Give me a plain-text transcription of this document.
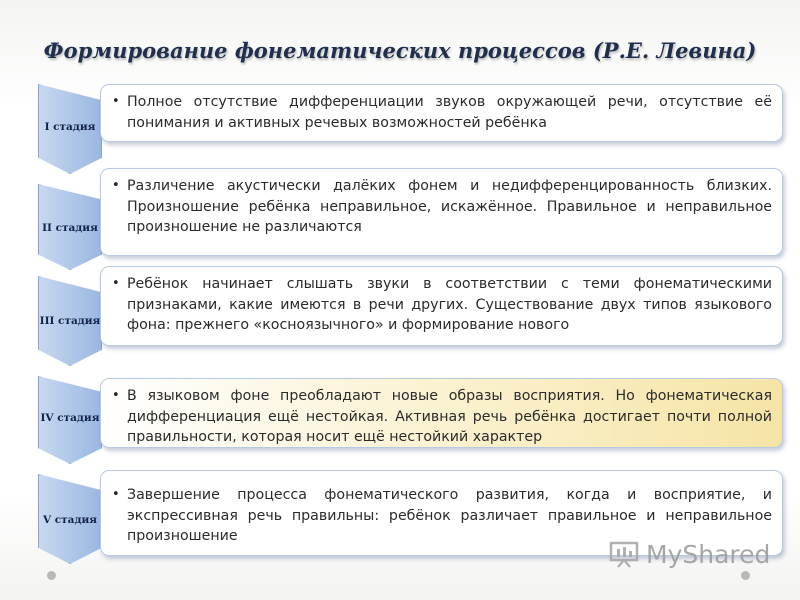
Формирование фонематических процессов (Р.Е. Левина)
I стадия
• Полное отсутствие дифференциации звуков окружающей речи, отсутствие её понимания и активных речевых возможностей ребёнка
II стадия
• Различение акустически далёких фонем и недифференцированность близких. Произношение ребёнка неправильное, искажённое. Правильное и неправильное произношение не различаются
III стадия
• Ребёнок начинает слышать звуки в соответствии с теми фонематическими признаками, какие имеются в речи других. Существование двух типов языкового фона: прежнего «косноязычного» и формирование нового
IV стадия
• В языковом фоне преобладают новые образы восприятия. Но фонематическая дифференциация ещё нестойкая. Активная речь ребёнка достигает почти полной правильности, которая носит ещё нестойкий характер
V стадия
• Завершение процесса фонематического развития, когда и восприятие, и экспрессивная речь правильны: ребёнок различает правильное и неправильное произношение
MyShared
